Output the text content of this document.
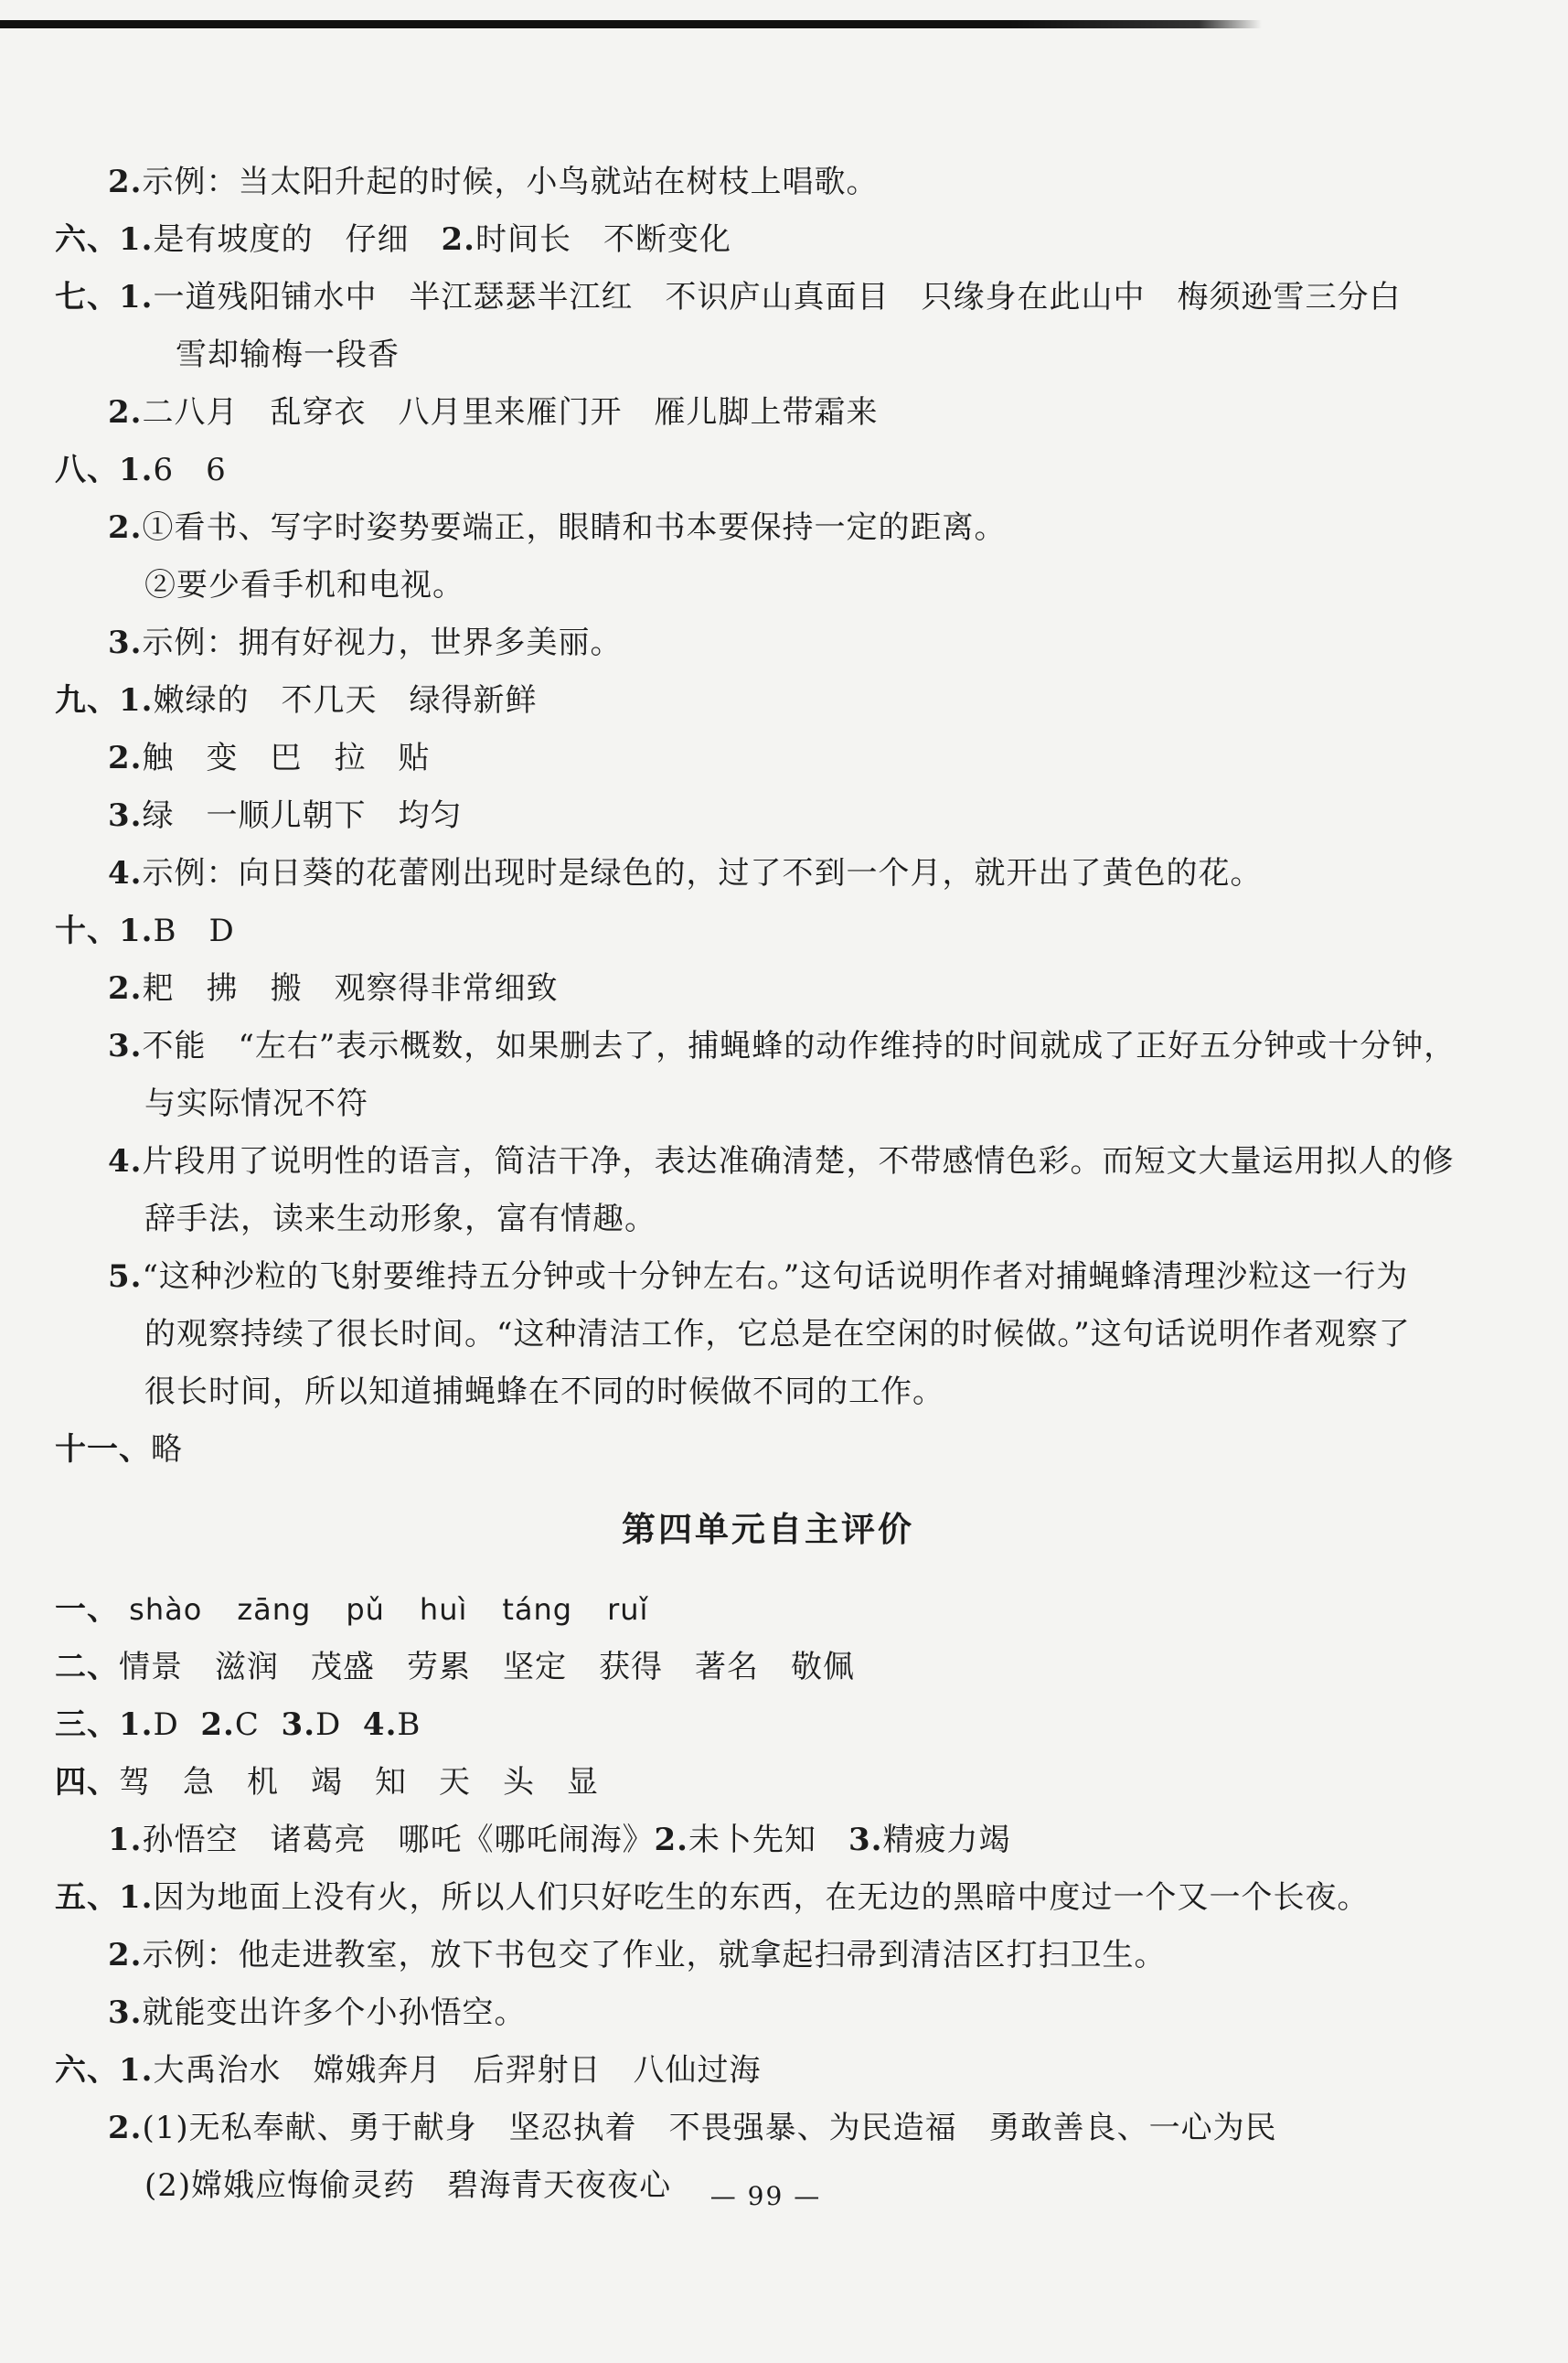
2.示例：当太阳升起的时候，小鸟就站在树枝上唱歌。
六、1.是有坡度的　仔细　2.时间长　不断变化
七、1.一道残阳铺水中　半江瑟瑟半江红　不识庐山真面目　只缘身在此山中　梅须逊雪三分白
雪却输梅一段香
2.二八月　乱穿衣　八月里来雁门开　雁儿脚上带霜来
八、1.6　6
2.①看书、写字时姿势要端正，眼睛和书本要保持一定的距离。
②要少看手机和电视。
3.示例：拥有好视力，世界多美丽。
九、1.嫩绿的　不几天　绿得新鲜
2.触　变　巴　拉　贴
3.绿　一顺儿朝下　均匀
4.示例：向日葵的花蕾刚出现时是绿色的，过了不到一个月，就开出了黄色的花。
十、1.B　D
2.耙　拂　搬　观察得非常细致
3.不能　“左右”表示概数，如果删去了，捕蝇蜂的动作维持的时间就成了正好五分钟或十分钟，
与实际情况不符
4.片段用了说明性的语言，简洁干净，表达准确清楚，不带感情色彩。而短文大量运用拟人的修
辞手法，读来生动形象，富有情趣。
5.“这种沙粒的飞射要维持五分钟或十分钟左右。”这句话说明作者对捕蝇蜂清理沙粒这一行为
的观察持续了很长时间。“这种清洁工作，它总是在空闲的时候做。”这句话说明作者观察了
很长时间，所以知道捕蝇蜂在不同的时候做不同的工作。
十一、略
第四单元自主评价
一、 shào zāng pǔ huì táng ruǐ
二、情景　滋润　茂盛　劳累　坚定　获得　著名　敬佩
三、1.D 2.C 3.D 4.B
四、驾　急　机　竭　知　天　头　显
1.孙悟空　诸葛亮　哪吒《哪吒闹海》2.未卜先知　3.精疲力竭
五、1.因为地面上没有火，所以人们只好吃生的东西，在无边的黑暗中度过一个又一个长夜。
2.示例：他走进教室，放下书包交了作业，就拿起扫帚到清洁区打扫卫生。
3.就能变出许多个小孙悟空。
六、1.大禹治水　嫦娥奔月　后羿射日　八仙过海
2.(1)无私奉献、勇于献身　坚忍执着　不畏强暴、为民造福　勇敢善良、一心为民
(2)嫦娥应悔偷灵药　碧海青天夜夜心	— 99 —
